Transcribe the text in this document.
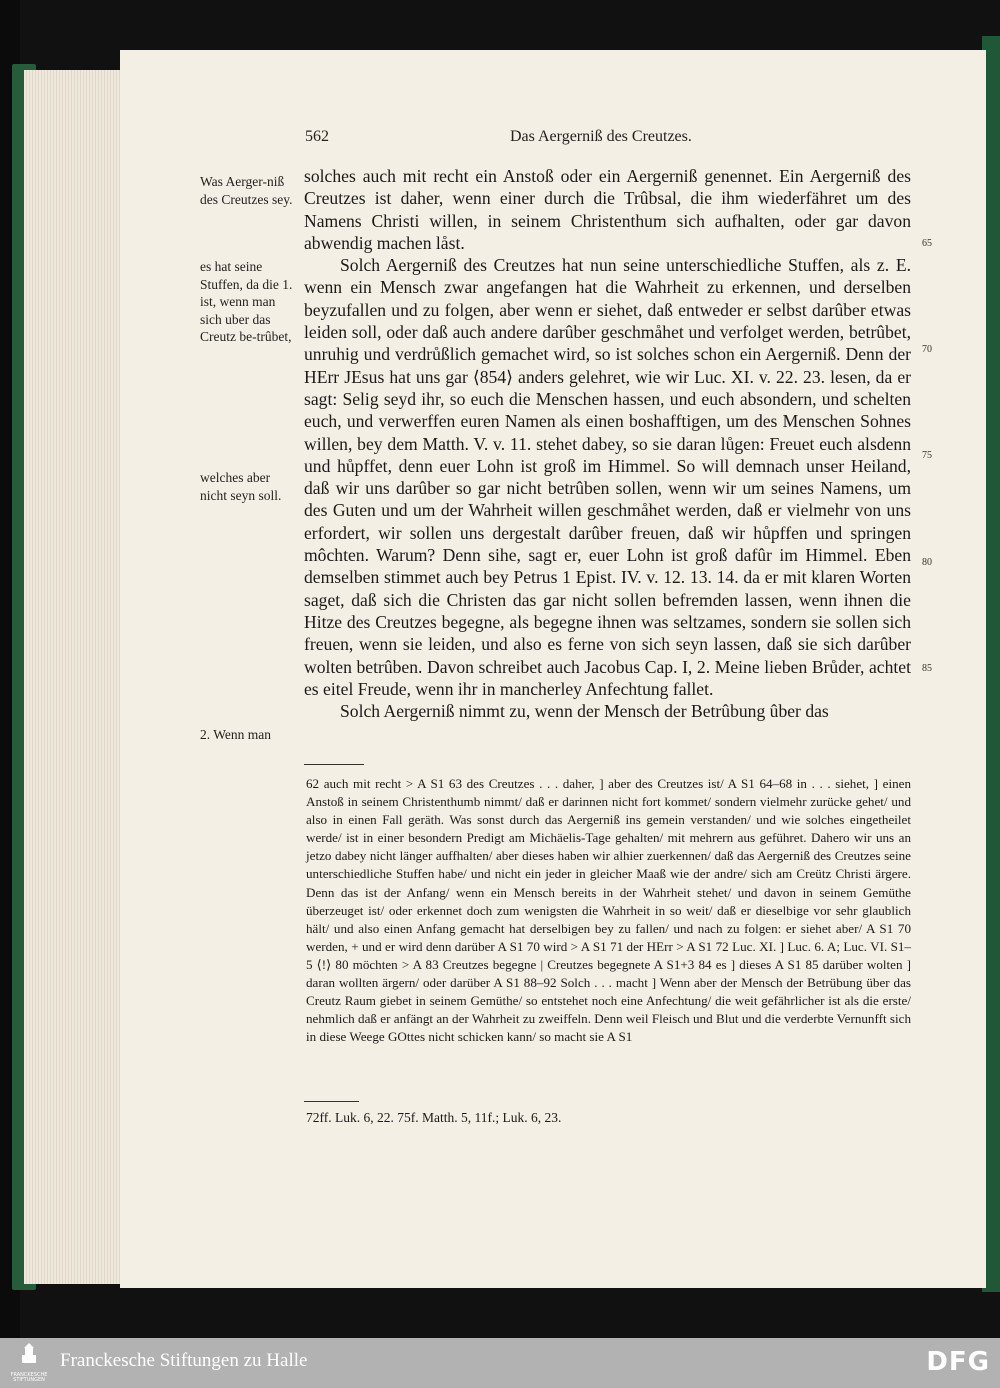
562	Das Aergerniß des Creutzes.
Was Aerger-niß des Creutzes sey.
es hat seine Stuffen, da die 1. ist, wenn man sich uber das Creutz be-trûbet,
welches aber nicht seyn soll.
2. Wenn man

solches auch mit recht ein Anstoß oder ein Aergerniß genennet. Ein Aergerniß des Creutzes ist daher, wenn einer durch die Trûbsal, die ihm wiederfähret um des Namens Christi willen, in seinem Christenthum sich aufhalten, oder gar davon abwendig machen låst.

Solch Aergerniß des Creutzes hat nun seine unterschiedliche Stuffen, als z. E. wenn ein Mensch zwar angefangen hat die Wahrheit zu erkennen, und derselben beyzufallen und zu folgen, aber wenn er siehet, daß entweder er selbst darûber etwas leiden soll, oder daß auch andere darûber geschmåhet und verfolget werden, betrûbet, unruhig und verdrůßlich gemachet wird, so ist solches schon ein Aergerniß. Denn der HErr JEsus hat uns gar ⟨854⟩ anders gelehret, wie wir Luc. XI. v. 22. 23. lesen, da er sagt: Selig seyd ihr, so euch die Menschen hassen, und euch absondern, und schelten euch, und verwerffen euren Namen als einen boshafftigen, um des Menschen Sohnes willen, bey dem Matth. V. v. 11. stehet dabey, so sie daran lůgen: Freuet euch alsdenn und hůpffet, denn euer Lohn ist groß im Himmel. So will demnach unser Heiland, daß wir uns darûber so gar nicht betrûben sollen, wenn wir um seines Namens, um des Guten und um der Wahrheit willen geschmåhet werden, daß er vielmehr von uns erfordert, wir sollen uns dergestalt darûber freuen, daß wir hůpffen und springen môchten. Warum? Denn sihe, sagt er, euer Lohn ist groß dafûr im Himmel. Eben demselben stimmet auch bey Petrus 1 Epist. IV. v. 12. 13. 14. da er mit klaren Worten saget, daß sich die Christen das gar nicht sollen befremden lassen, wenn ihnen die Hitze des Creutzes begegne, als begegne ihnen was seltzames, sondern sie sollen sich freuen, wenn sie leiden, und also es ferne von sich seyn lassen, daß sie sich darûber wolten betrûben. Davon schreibet auch Jacobus Cap. I, 2. Meine lieben Brůder, achtet es eitel Freude, wenn ihr in mancherley Anfechtung fallet.

Solch Aergerniß nimmt zu, wenn der Mensch der Betrûbung ûber das

65
70
75
80
85
62 auch mit recht > A S1 63 des Creutzes . . . daher, ] aber des Creutzes ist/ A S1 64–68 in . . . siehet, ] einen Anstoß in seinem Christenthumb nimmt/ daß er darinnen nicht fort kommet/ sondern vielmehr zurücke gehet/ und also in einen Fall geräth. Was sonst durch das Aergerniß ins gemein verstanden/ und wie solches eingetheilet werde/ ist in einer besondern Predigt am Michäelis-Tage gehalten/ mit mehrern aus geführet. Dahero wir uns an jetzo dabey nicht länger auffhalten/ aber dieses haben wir alhier zuerkennen/ daß das Aergerniß des Creutzes seine unterschiedliche Stuffen habe/ und nicht ein jeder in gleicher Maaß wie der andre/ sich am Creütz Christi ärgere. Denn das ist der Anfang/ wenn ein Mensch bereits in der Wahrheit stehet/ und davon in seinem Gemüthe überzeuget ist/ oder erkennet doch zum wenigsten die Wahrheit in so weit/ daß er dieselbige vor sehr glaublich hält/ und also einen Anfang gemacht hat derselbigen bey zu fallen/ und nach zu folgen: er siehet aber/ A S1 70 werden, + und er wird denn darüber A S1 70 wird > A S1 71 der HErr > A S1 72 Luc. XI. ] Luc. 6. A; Luc. VI. S1–5 ⟨!⟩ 80 möchten > A 83 Creutzes begegne | Creutzes begegnete A S1+3 84 es ] dieses A S1 85 darüber wolten ] daran wollten ärgern/ oder darüber A S1 88–92 Solch . . . macht ] Wenn aber der Mensch der Betrübung über das Creutz Raum giebet in seinem Gemüthe/ so entstehet noch eine Anfechtung/ die weit gefährlicher ist als die erste/ nehmlich daß er anfängt an der Wahrheit zu zweiffeln. Denn weil Fleisch und Blut und die verderbte Vernunfft sich in diese Weege GOttes nicht schicken kann/ so macht sie A S1
72ff. Luk. 6, 22. 75f. Matth. 5, 11f.; Luk. 6, 23.
FRANCKESCHE STIFTUNGEN
Franckesche Stiftungen zu Halle	DFG
